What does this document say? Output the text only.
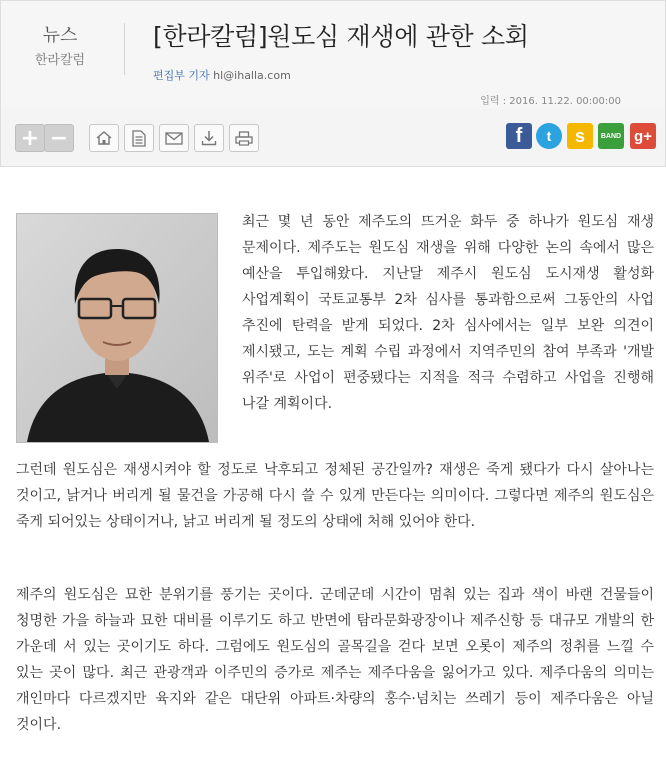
뉴스
한라칼럼
[한라칼럼]원도심 재생에 관한 소회
편집부 기자 hl@ihalla.com
입력 : 2016. 11.22. 00:00:00
+ −	f	t	s	BAND g+

최근 몇 년 동안 제주도의 뜨거운 화두 중 하나가 원도심 재생 문제이다. 제주도는 원도심 재생을 위해 다양한 논의 속에서 많은 예산을 투입해왔다. 지난달 제주시 원도심 도시재생 활성화 사업계획이 국토교통부 2차 심사를 통과함으로써 그동안의 사업 추진에 탄력을 받게 되었다. 2차 심사에서는 일부 보완 의견이 제시됐고, 도는 계획 수립 과정에서 지역주민의 참여 부족과 '개발 위주'로 사업이 편중됐다는 지적을 적극 수렴하고 사업을 진행해 나갈 계획이다.

그런데 원도심은 재생시켜야 할 정도로 낙후되고 정체된 공간일까? 재생은 죽게 됐다가 다시 살아나는 것이고, 낡거나 버리게 될 물건을 가공해 다시 쓸 수 있게 만든다는 의미이다. 그렇다면 제주의 원도심은 죽게 되어있는 상태이거나, 낡고 버리게 될 정도의 상태에 처해 있어야 한다.

제주의 원도심은 묘한 분위기를 풍기는 곳이다. 군데군데 시간이 멈춰 있는 집과 색이 바랜 건물들이 청명한 가을 하늘과 묘한 대비를 이루기도 하고 반면에 탐라문화광장이나 제주신항 등 대규모 개발의 한 가운데 서 있는 곳이기도 하다. 그럼에도 원도심의 골목길을 걷다 보면 오롯이 제주의 정취를 느낄 수 있는 곳이 많다. 최근 관광객과 이주민의 증가로 제주는 제주다움을 잃어가고 있다. 제주다움의 의미는 개인마다 다르겠지만 육지와 같은 대단위 아파트·차량의 홍수·넘치는 쓰레기 등이 제주다움은 아닐 것이다.
